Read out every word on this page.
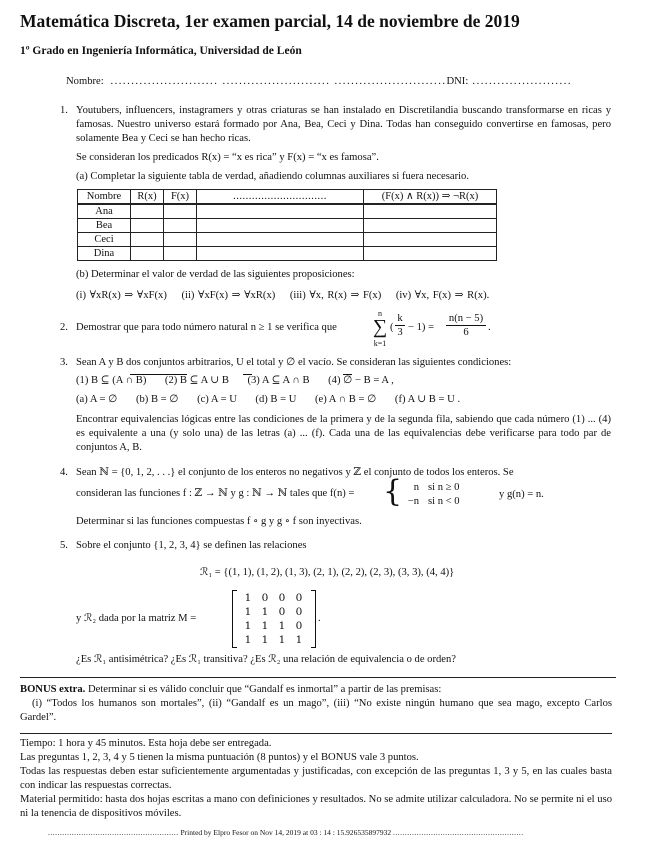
Matemática Discreta, 1er examen parcial, 14 de noviembre de 2019
1º Grado en Ingeniería Informática, Universidad de León
Nombre:  .......................... .......................... ...........................DNI: ........................
1. Youtubers, influencers, instagramers y otras criaturas se han instalado en Discretilandia buscando transformarse en ricas y famosas. Nuestro universo estará formado por Ana, Bea, Ceci y Dina. Todas han conseguido convertirse en famosas, pero solamente Bea y Ceci se han hecho ricas.
Se consideran los predicados R(x) = “x es rica” y F(x) = “x es famosa”.
(a) Completar la siguiente tabla de verdad, añadiendo columnas auxiliares si fuera necesario.
Nombre	R(x)	F(x)	..............................	(F(x) ∧ R(x)) ⇒ ¬R(x)
Ana				
Bea				
Ceci				
Dina				
(b) Determinar el valor de verdad de las siguientes proposiciones:
(i) ∀xR(x) ⇒ ∀xF(x) (ii) ∀xF(x) ⇒ ∀xR(x) (iii) ∀x, R(x) ⇒ F(x) (iv) ∀x, F(x) ⇒ R(x).
2. Demostrar que para todo número natural n ≥ 1 se verifica que
n
∑
k=1
(
k
3 − 1) =
n(n − 5)
6	.
3. Sean A y B dos conjuntos arbitrarios, U el total y ∅ el vacío. Se consideran las siguientes condiciones:
(1) B ⊆ (A ∩ B) (2) B ⊆ A ∪ B (3) A ⊆ A ∩ B (4) ∅ − B = A ,
(a) A = ∅ (b) B = ∅ (c) A = U (d) B = U (e) A ∩ B = ∅ (f) A ∪ B = U .
Encontrar equivalencias lógicas entre las condiciones de la primera y de la segunda fila, sabiendo que cada número (1) ... (4) es equivalente a una (y solo una) de las letras (a) ... (f). Cada una de las equivalencias debe verificarse para todo par de conjuntos A, B.
4. Sean ℕ = {0, 1, 2, . . .} el conjunto de los enteros no negativos y ℤ el conjunto de todos los enteros. Se
consideran las funciones f : ℤ → ℕ y g : ℕ → ℕ tales que f(n) = {	n si n ≥ 0
−n si n < 0
y g(n) = n.
Determinar si las funciones compuestas f ∘ g y g ∘ f son inyectivas.
5. Sobre el conjunto {1, 2, 3, 4} se definen las relaciones
ℛ₁ = {(1, 1), (1, 2), (1, 3), (2, 1), (2, 2), (2, 3), (3, 3), (4, 4)}
y ℛ₂ dada por la matriz M =
1 0 0 0
1 1 0 0
1 1 1 0
1 1 1 1
.
¿Es ℛ₁ antisimétrica? ¿Es ℛ₁ transitiva? ¿Es ℛ₂ una relación de equivalencia o de orden?
BONUS extra. Determinar si es válido concluir que “Gandalf es inmortal” a partir de las premisas:
(i) “Todos los humanos son mortales”, (ii) “Gandalf es un mago”, (iii) “No existe ningún humano que sea mago, excepto Carlos Gardel”.
Tiempo: 1 hora y 45 minutos. Esta hoja debe ser entregada.
Las preguntas 1, 2, 3, 4 y 5 tienen la misma puntuación (8 puntos) y el BONUS vale 3 puntos.
Todas las respuestas deben estar suficientemente argumentadas y justificadas, con excepción de las preguntas 1, 3 y 5, en las cuales basta con indicar las respuestas correctas.
Material permitido: hasta dos hojas escritas a mano con definiciones y resultados. No se admite utilizar calculadora. No se permite ni el uso ni la tenencia de dispositivos móviles.
....................................................... Printed by Elpro Fesor on Nov 14, 2019 at 03 : 14 : 15.926535897932 .......................................................
